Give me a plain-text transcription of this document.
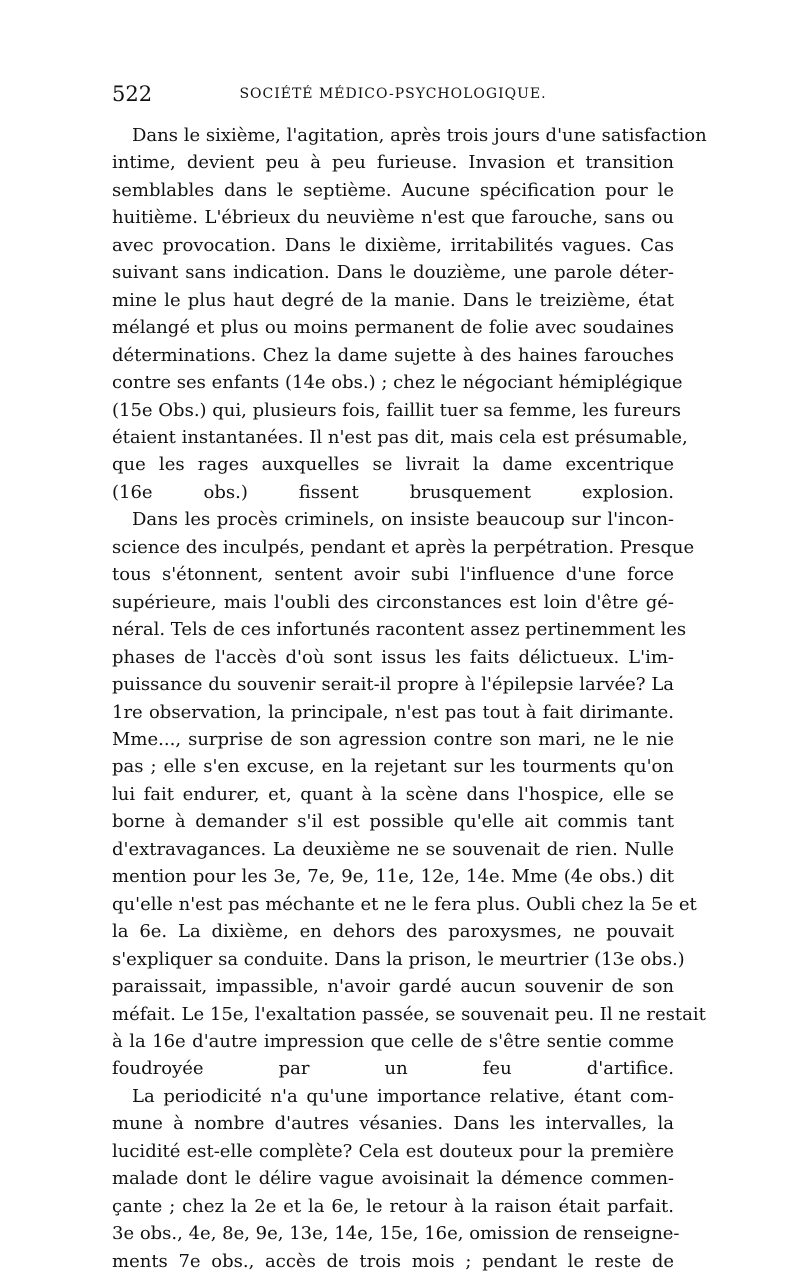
522	SOCIÉTÉ MÉDICO-PSYCHOLOGIQUE.
Dans le sixième, l'agitation, après trois jours d'une satisfaction
intime, devient peu à peu furieuse. Invasion et transition
semblables dans le septième. Aucune spécification pour le
huitième. L'ébrieux du neuvième n'est que farouche, sans ou
avec provocation. Dans le dixième, irritabilités vagues. Cas
suivant sans indication. Dans le douzième, une parole déter-
mine le plus haut degré de la manie. Dans le treizième, état
mélangé et plus ou moins permanent de folie avec soudaines
déterminations. Chez la dame sujette à des haines farouches
contre ses enfants (14e obs.) ; chez le négociant hémiplégique
(15e Obs.) qui, plusieurs fois, faillit tuer sa femme, les fureurs
étaient instantanées. Il n'est pas dit, mais cela est présumable,
que les rages auxquelles se livrait la dame excentrique
(16e obs.) fissent brusquement explosion.
Dans les procès criminels, on insiste beaucoup sur l'incon-
science des inculpés, pendant et après la perpétration. Presque
tous s'étonnent, sentent avoir subi l'influence d'une force
supérieure, mais l'oubli des circonstances est loin d'être gé-
néral. Tels de ces infortunés racontent assez pertinemment les
phases de l'accès d'où sont issus les faits délictueux. L'im-
puissance du souvenir serait-il propre à l'épilepsie larvée? La
1re observation, la principale, n'est pas tout à fait dirimante.
Mme..., surprise de son agression contre son mari, ne le nie
pas ; elle s'en excuse, en la rejetant sur les tourments qu'on
lui fait endurer, et, quant à la scène dans l'hospice, elle se
borne à demander s'il est possible qu'elle ait commis tant
d'extravagances. La deuxième ne se souvenait de rien. Nulle
mention pour les 3e, 7e, 9e, 11e, 12e, 14e. Mme (4e obs.) dit
qu'elle n'est pas méchante et ne le fera plus. Oubli chez la 5e et
la 6e. La dixième, en dehors des paroxysmes, ne pouvait
s'expliquer sa conduite. Dans la prison, le meurtrier (13e obs.)
paraissait, impassible, n'avoir gardé aucun souvenir de son
méfait. Le 15e, l'exaltation passée, se souvenait peu. Il ne restait
à la 16e d'autre impression que celle de s'être sentie comme
foudroyée par un feu d'artifice.
La periodicité n'a qu'une importance relative, étant com-
mune à nombre d'autres vésanies. Dans les intervalles, la
lucidité est-elle complète? Cela est douteux pour la première
malade dont le délire vague avoisinait la démence commen-
çante ; chez la 2e et la 6e, le retour à la raison était parfait.
3e obs., 4e, 8e, 9e, 13e, 14e, 15e, 16e, omission de renseigne-
ments 7e obs., accès de trois mois ; pendant le reste de
